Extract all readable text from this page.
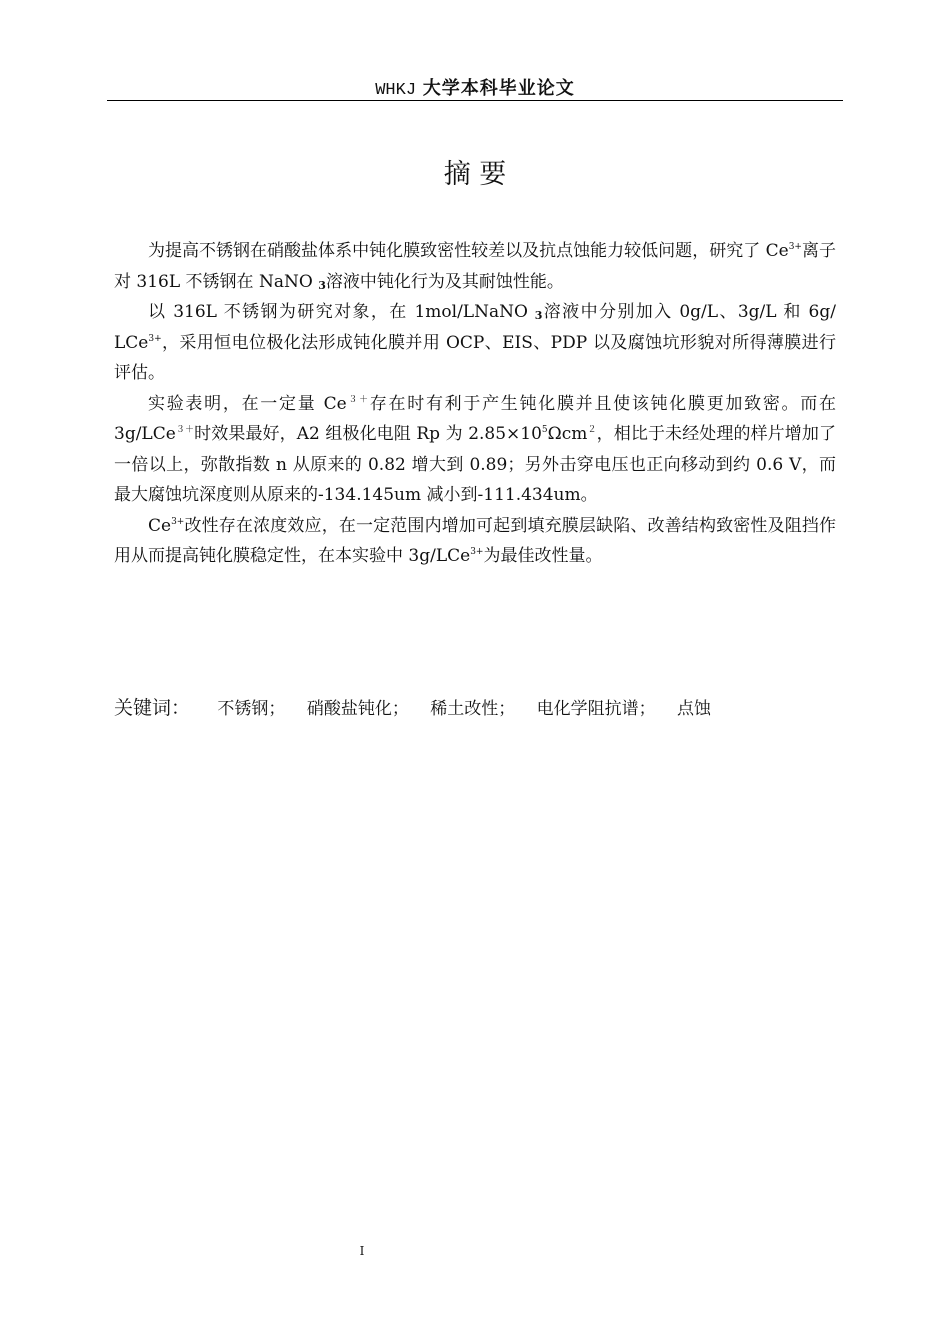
WHKJ 大学本科毕业论文
摘 要

为提高不锈钢在硝酸盐体系中钝化膜致密性较差以及抗点蚀能力较低问题，研究了 $Ce^{3+}$离子对 316L 不锈钢在 NaNO $_3$溶液中钝化行为及其耐蚀性能。

以 316L 不锈钢为研究对象，在 1mol/LNaNO $_3$溶液中分别加入 0g/L、3g/L 和 6g/ LCe$^{3+}$，采用恒电位极化法形成钝化膜并用 OCP、EIS、PDP 以及腐蚀坑形貌对所得薄膜进行评估。

实验表明，在一定量 $Ce^{3+}$存在时有利于产生钝化膜并且使该钝化膜更加致密。而在 3g/LCe$^{3+}$时效果最好，A2 组极化电阻 Rp 为 $2.85\times 10^5\Omega cm^2$，相比于未经处理的样片增加了一倍以上，弥散指数 n 从原来的 0.82 增大到 0.89；另外击穿电压也正向移动到约 0.6 V，而最大腐蚀坑深度则从原来的-134.145um 减小到-111.434um。

$Ce^{3+}$改性存在浓度效应，在一定范围内增加可起到填充膜层缺陷、改善结构致密性及阻挡作用从而提高钝化膜稳定性，在本实验中 3g/LCe$^{3+}$为最佳改性量。

关键词： 不锈钢； 硝酸盐钝化； 稀土改性； 电化学阻抗谱； 点蚀
I
